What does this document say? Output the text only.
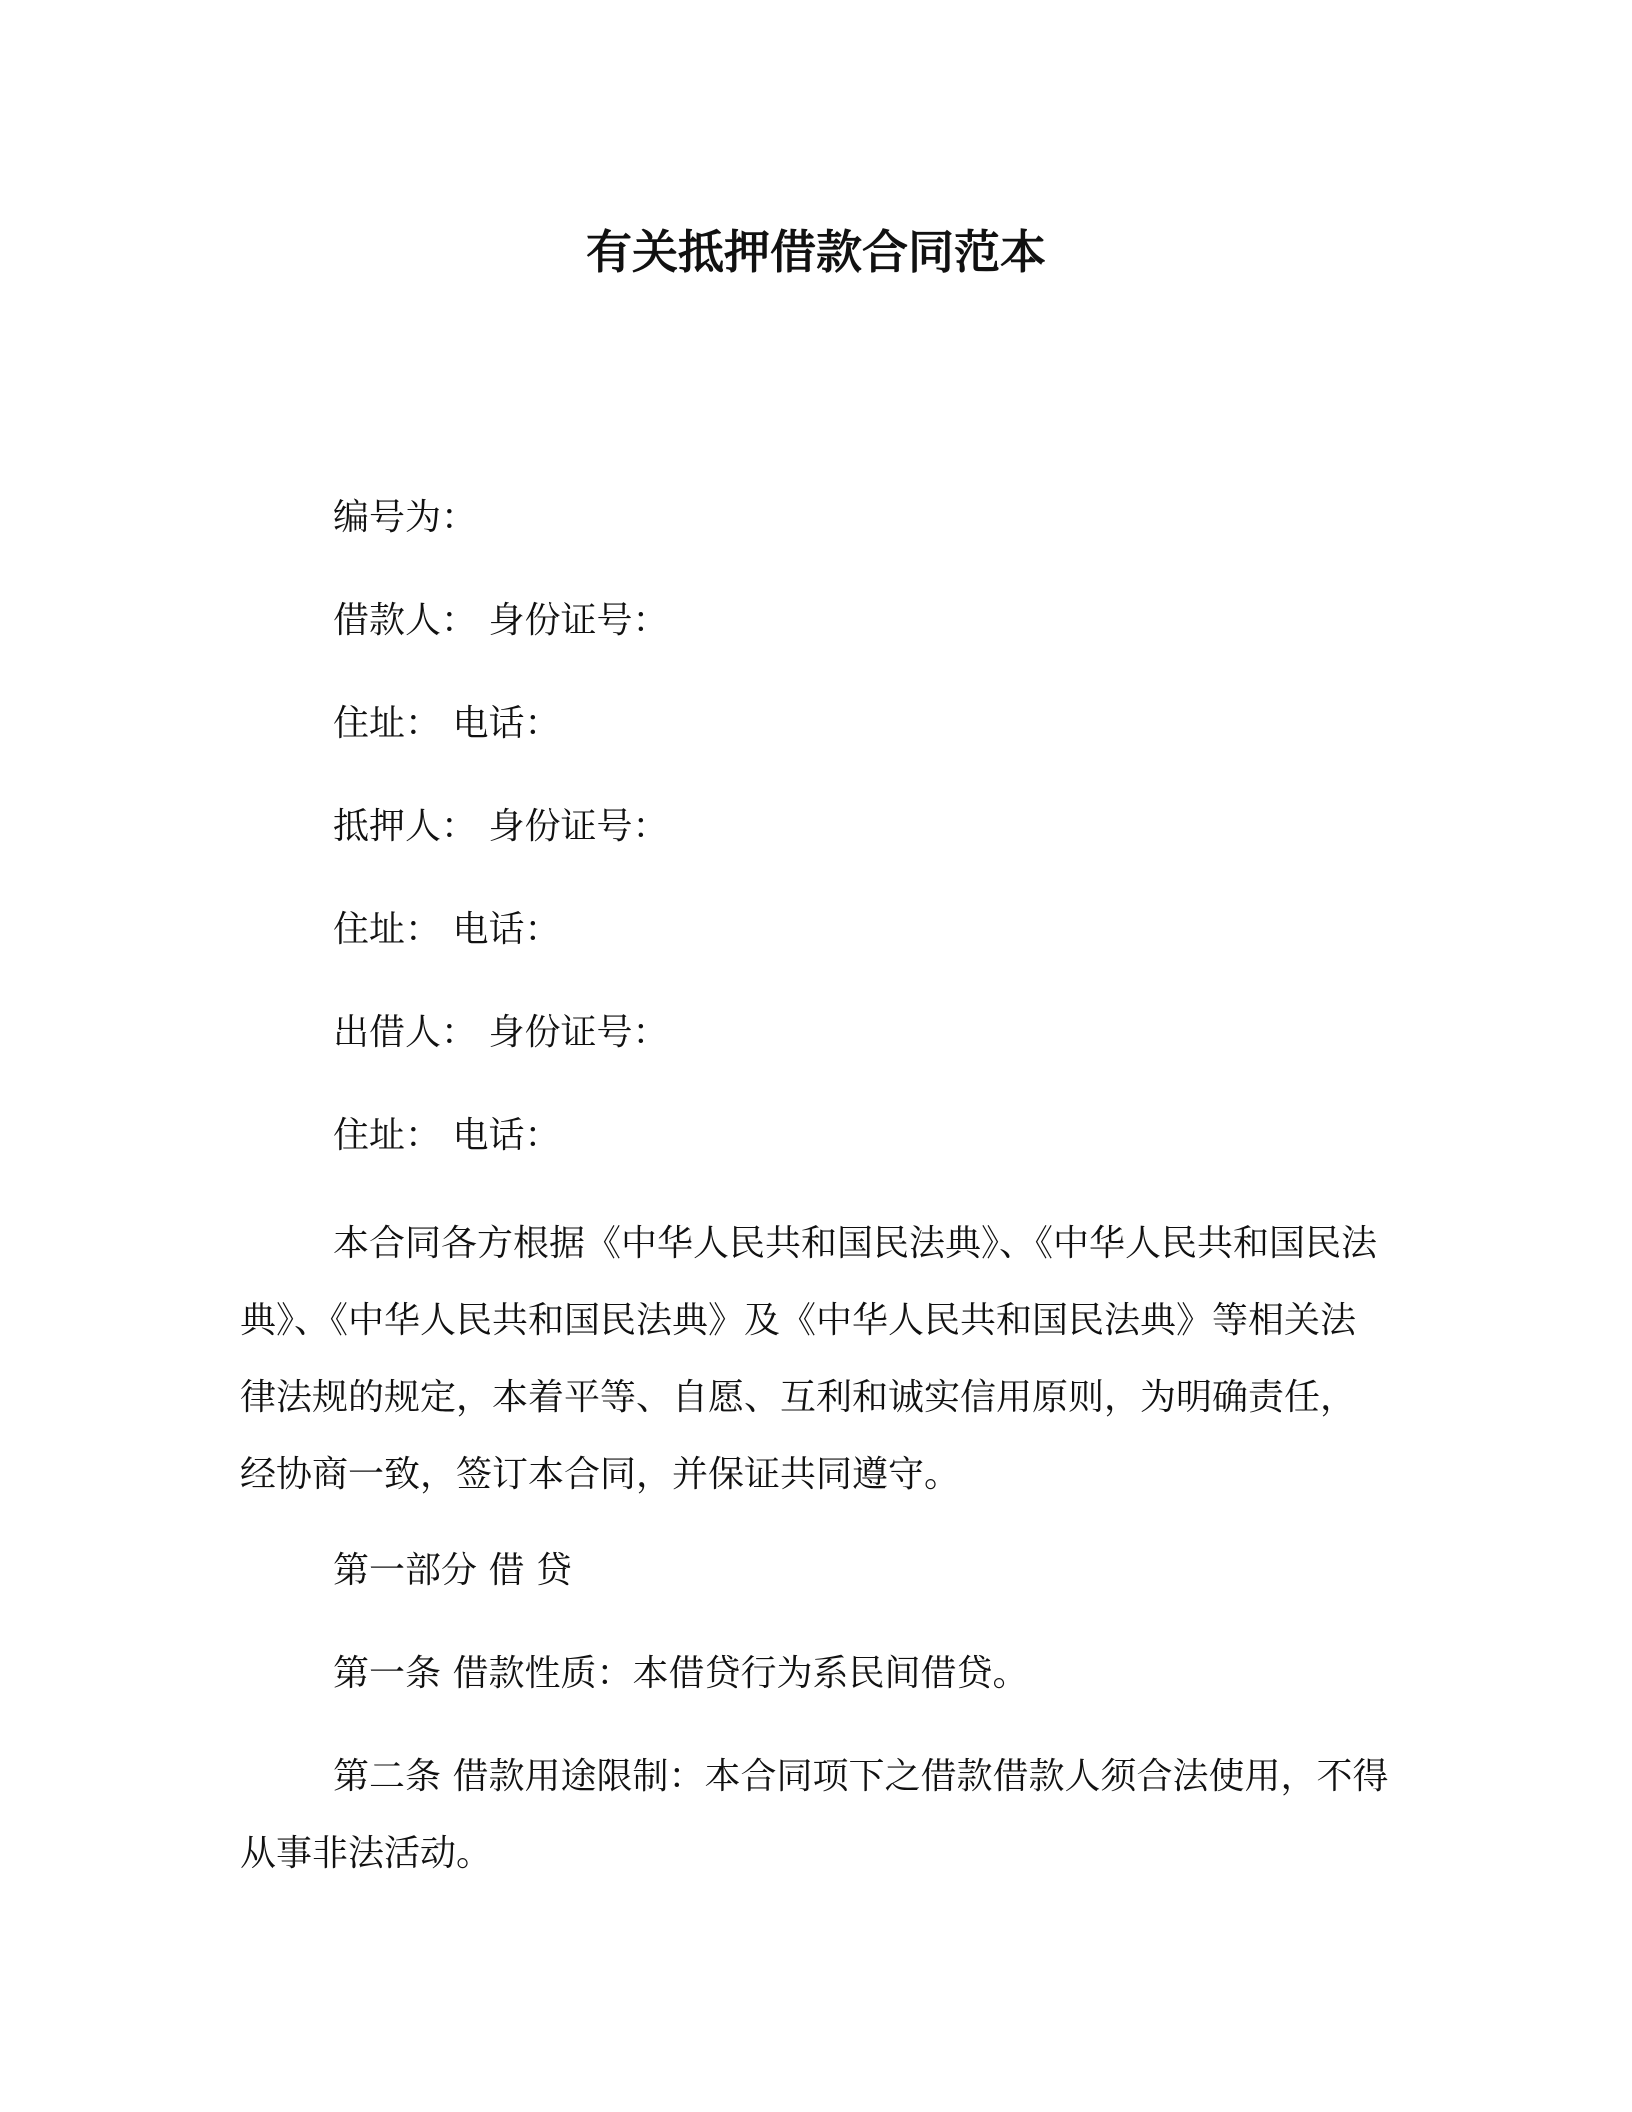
有关抵押借款合同范本

编号为：

借款人： 身份证号：

住址： 电话：

抵押人： 身份证号：

住址： 电话：

出借人： 身份证号：

住址： 电话：

本合同各方根据《中华人民共和国民法典》、《中华人民共和国民法典》、《中华人民共和国民法典》及《中华人民共和国民法典》等相关法律法规的规定，本着平等、自愿、互利和诚实信用原则，为明确责任，经协商一致，签订本合同，并保证共同遵守。

第一部分 借 贷

第一条 借款性质：本借贷行为系民间借贷。

第二条 借款用途限制：本合同项下之借款借款人须合法使用，不得从事非法活动。
